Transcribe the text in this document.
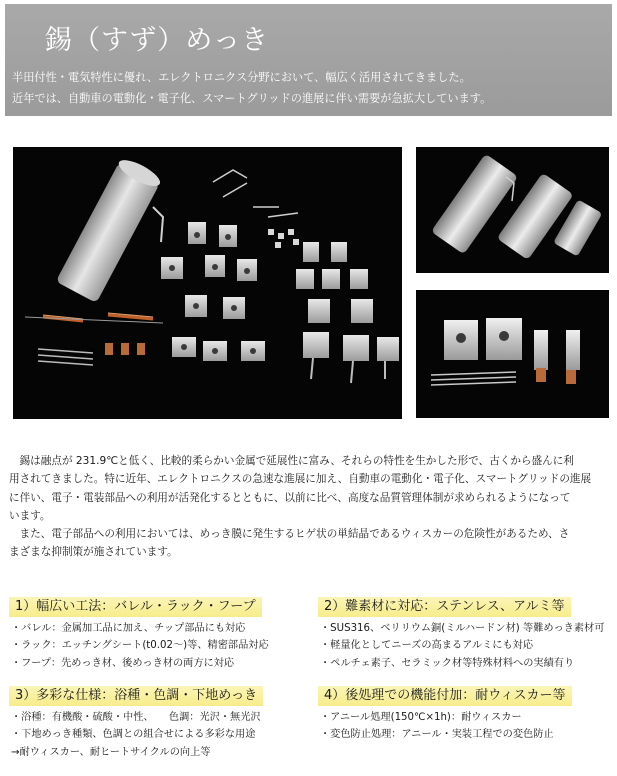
錫（すず）めっき
半田付性・電気特性に優れ、エレクトロニクス分野において、幅広く活用されてきました。
近年では、自動車の電動化・電子化、スマートグリッドの進展に伴い需要が急拡大しています。

　錫は融点が 231.9℃と低く、比較的柔らかい金属で延展性に富み、それらの特性を生かした形で、古くから盛んに利

用されてきました。特に近年、エレクトロニクスの急速な進展に加え、自動車の電動化・電子化、スマートグリッドの進展

に伴い、電子・電装部品への利用が活発化するとともに、以前に比べ、高度な品質管理体制が求められるようになって

います。

　また、電子部品への利用においては、めっき膜に発生するヒゲ状の単結晶であるウィスカーの危険性があるため、さ

まざまな抑制策が施されています。

1）幅広い工法：バレル・ラック・フープ
・バレル：金属加工品に加え、チップ部品にも対応
・ラック：エッチングシート(t0.02～)等、精密部品対応
・フープ：先めっき材、後めっき材の両方に対応
2）難素材に対応：ステンレス、アルミ等
・SUS316、ベリリウム銅(ミルハードン材) 等難めっき素材可
・軽量化としてニーズの高まるアルミにも対応
・ペルチェ素子、セラミック材等特殊材料への実績有り
3）多彩な仕様：浴種・色調・下地めっき
・浴種：有機酸・硫酸・中性、　　色調：光沢・無光沢
・下地めっき種類、色調との組合せによる多彩な用途
→耐ウィスカー、耐ヒートサイクルの向上等
4）後処理での機能付加：耐ウィスカー等
・アニール処理(150℃×1h)：耐ウィスカー
・変色防止処理：アニール・実装工程での変色防止
